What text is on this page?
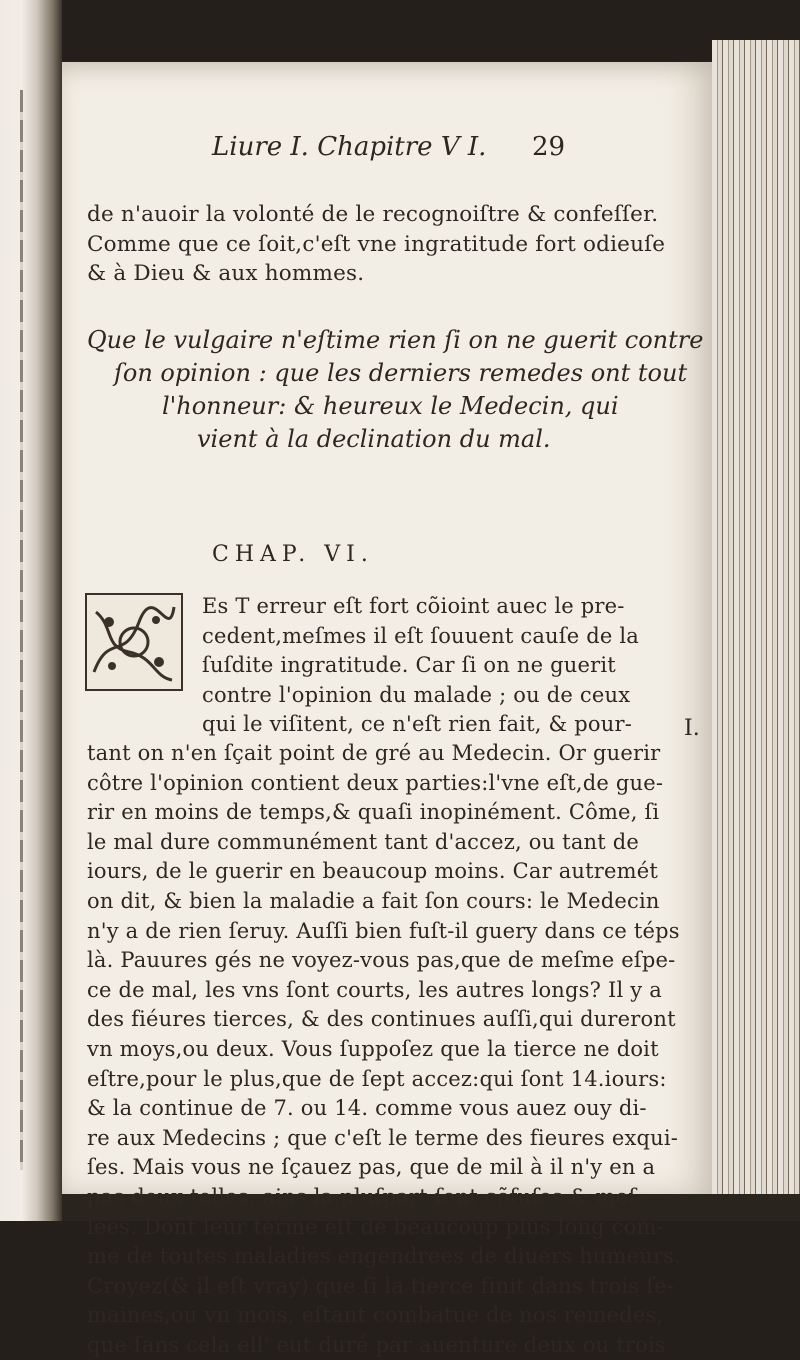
Liure I. Chapitre V I. 29
de n'auoir la volonté de le recognoiſtre & confeſſer.
Comme que ce ſoit,c'eſt vne ingratitude fort odieuſe
& à Dieu & aux hommes.
Que le vulgaire n'eſtime rien ſi on ne guerit contre
ſon opinion : que les derniers remedes ont tout
l'honneur: & heureux le Medecin, qui
vient à la declination du mal.
CHAP. VI.
Es T erreur eſt fort cõioint auec le pre-
cedent,meſmes il eſt ſouuent cauſe de la
ſuſdite ingratitude. Car ſi on ne guerit
contre l'opinion du malade ; ou de ceux
qui le viſitent, ce n'eſt rien fait, & pour-
tant on n'en ſçait point de gré au Medecin. Or guerir
côtre l'opinion contient deux parties:l'vne eſt,de gue-
rir en moins de temps,& quaſi inopinément. Côme, ſi
le mal dure communément tant d'accez, ou tant de
iours, de le guerir en beaucoup moins. Car autremét
on dit, & bien la maladie a fait ſon cours: le Medecin
n'y a de rien ſeruy. Auſſi bien fuſt-il guery dans ce téps
là. Pauures gés ne voyez-vous pas,que de meſme eſpe-
ce de mal, les vns ſont courts, les autres longs? Il y a
des fiéures tierces, & des continues auſſi,qui dureront
vn moys,ou deux. Vous ſuppoſez que la tierce ne doit
eſtre,pour le plus,que de ſept accez:qui ſont 14.iours:
& la continue de 7. ou 14. comme vous auez ouy di-
re aux Medecins ; que c'eſt le terme des fieures exqui-
ſes. Mais vous ne ſçauez pas, que de mil à il n'y en a
pas deux telles, ains la pluſpart ſont cõfuſes & meſ-
lées. Dont leur terme eſt de beaucoup plus long com-
me de toutes maladies engendrees de diuers humeurs.
Croyez(& il eſt vray) que ſi la tierce finit dans trois ſe-
maines,ou vn mois, eſtant combatue de nos remedes,
que ſans cela ell' eut duré par auenture deux ou trois
I.
